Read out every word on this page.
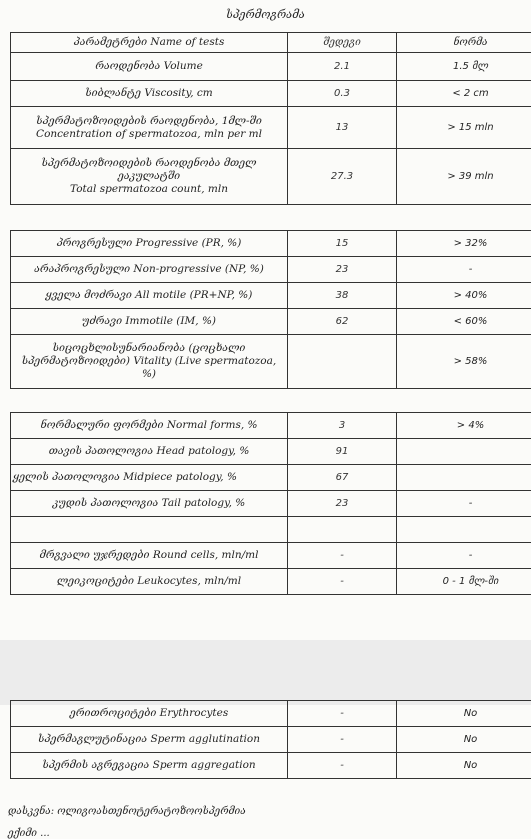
სპერმოგრამა
პარამეტრები Name of tests	შედეგი	ნორმა
რაოდენობა Volume	2.1	1.5 მლ
სიბლანტე Viscosity, cm	0.3	< 2 cm
სპერმატოზოიდების რაოდენობა, 1მლ-ში
Concentration of spermatozoa, mln per ml	13	> 15 mln
სპერმატოზოიდების რაოდენობა მთელ
ეაკულატში
Total spermatozoa count, mln	27.3	> 39 mln
პროგრესული Progressive (PR, %)	15	> 32%
არაპროგრესული Non-progressive (NP, %)	23	-
ყველა მოძრავი All motile (PR+NP, %)	38	> 40%
უძრავი Immotile (IM, %)	62	< 60%
სიცოცხლისუნარიანობა (ცოცხალი
სპერმატოზოიდები) Vitality (Live spermatozoa,
%)		> 58%
ნორმალური ფორმები Normal forms, %	3	> 4%
თავის პათოლოგია Head patology, %	91	
ყელის პათოლოგია Midpiece patology, %	67	
კუდის პათოლოგია Tail patology, %	23	-

მრგვალი უჯრედები Round cells, mln/ml	-	-
ლეიკოციტები Leukocytes, mln/ml	-	0 - 1 მლ-ში
ერითროციტები Erythrocytes	-	No
სპერმაგლუტინაცია Sperm agglutination	-	No
სპერმის აგრეგაცია Sperm aggregation	-	No
დასკვნა: ოლიგოასთენოტერატოზოოსპერმია
ექიმი ...
